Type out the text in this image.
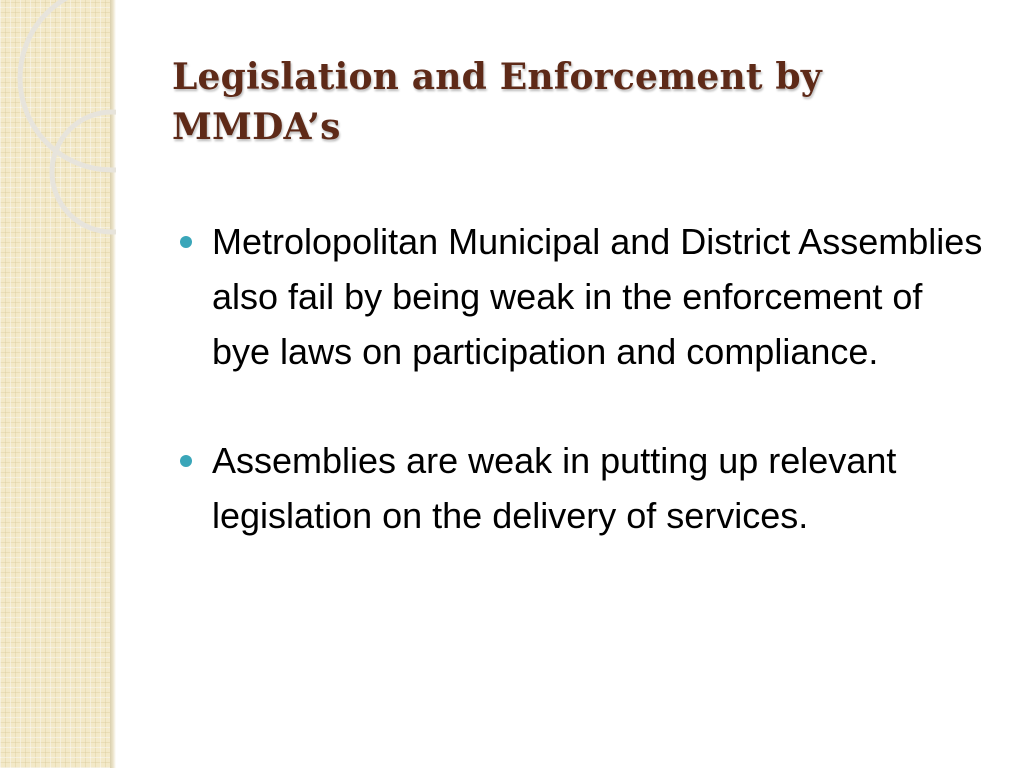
Legislation and Enforcement by
MMDA’s
Metrolopolitan Municipal and District Assemblies also fail by being weak in the enforcement of bye laws on participation and compliance.
Assemblies are weak in putting up relevant legislation on the delivery of services.
